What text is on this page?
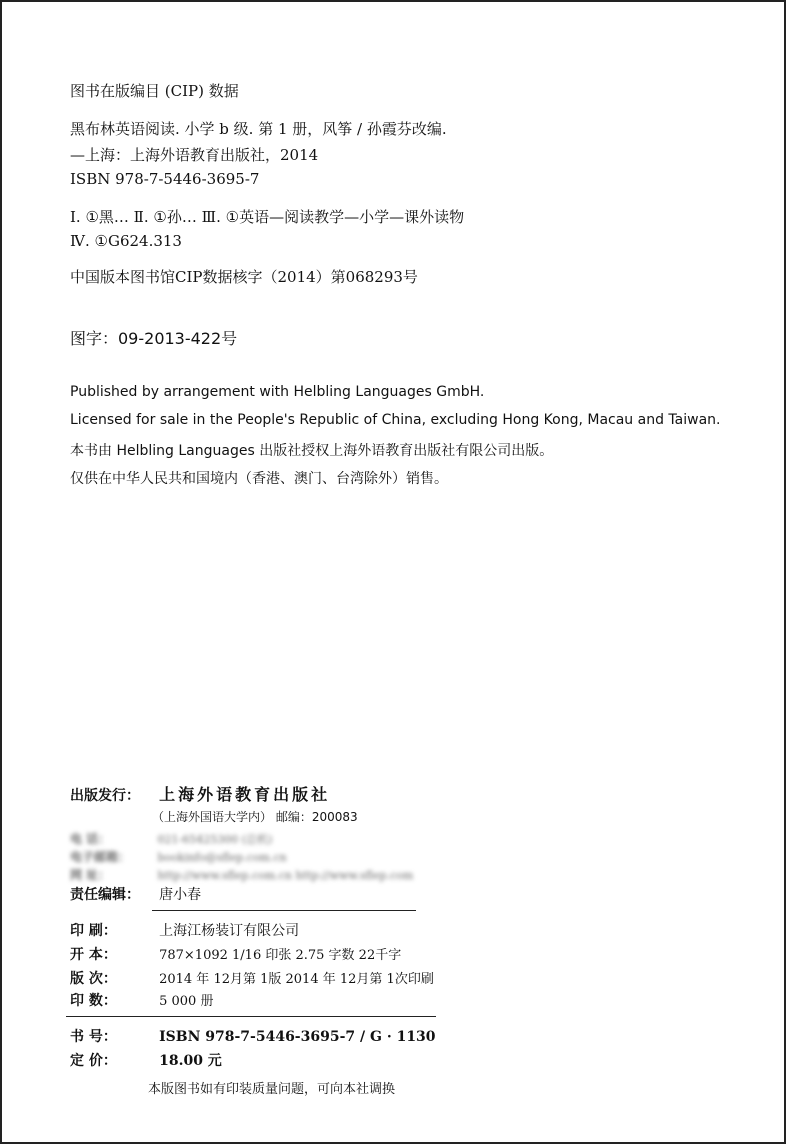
图书在版编目 (CIP) 数据
黑布林英语阅读. 小学 b 级. 第 1 册，风筝 / 孙霞芬改编.
—上海：上海外语教育出版社，2014
ISBN 978-7-5446-3695-7
Ⅰ. ①黑… Ⅱ. ①孙… Ⅲ. ①英语—阅读教学—小学—课外读物
Ⅳ. ①G624.313
中国版本图书馆CIP数据核字（2014）第068293号
图字：09-2013-422号
Published by arrangement with Helbling Languages GmbH.
Licensed for sale in the People's Republic of China, excluding Hong Kong, Macau and Taiwan.
本书由 Helbling Languages 出版社授权上海外语教育出版社有限公司出版。
仅供在中华人民共和国境内（香港、澳门、台湾除外）销售。
出版发行： 上海外语教育出版社
（上海外国语大学内） 邮编：200083
电 话：	021-65425300 (总机)
电子邮箱： bookinfo@sflep.com.cn
网 址：	http://www.sflep.com.cn http://www.sflep.com
责任编辑： 唐小春
印 刷：	上海江杨装订有限公司
开 本：	787×1092 1/16 印张 2.75 字数 22千字
版 次：	2014 年 12月第 1版 2014 年 12月第 1次印刷
印 数：	5 000 册
书 号：	ISBN 978-7-5446-3695-7 / G · 1130
定 价：	18.00 元
本版图书如有印装质量问题，可向本社调换
